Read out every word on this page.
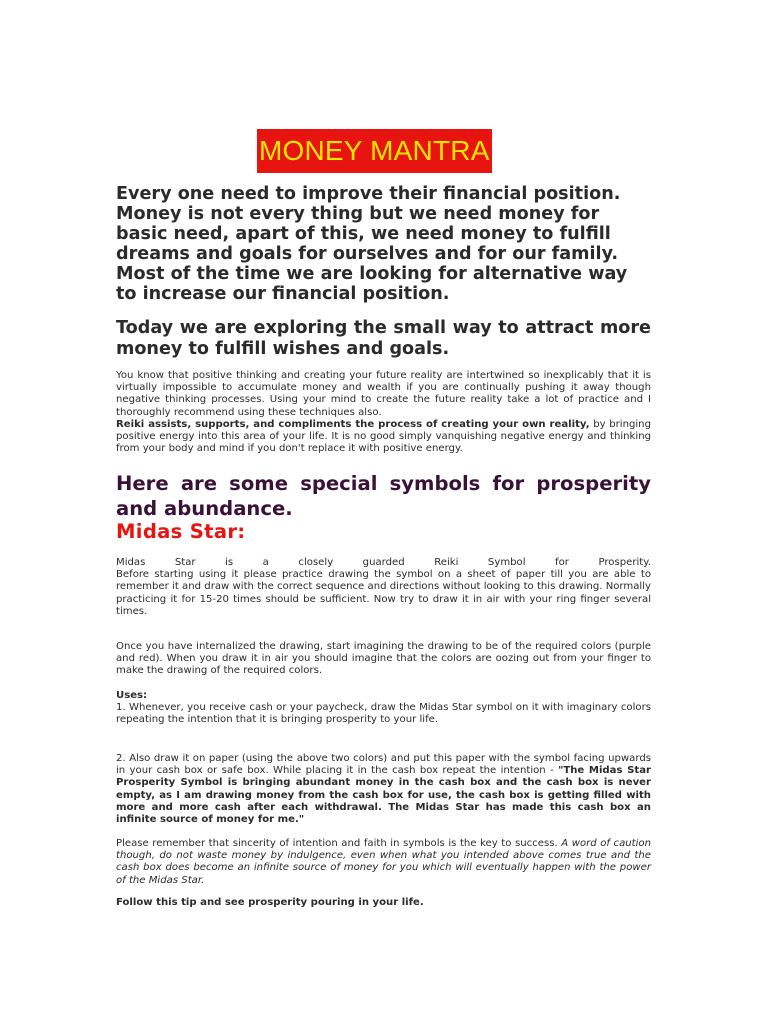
MONEY MANTRA

Every one need to improve their financial position. Money is not every thing but we need money for basic need, apart of this, we need money to fulfill dreams and goals for ourselves and for our family. Most of the time we are looking for alternative way to increase our financial position.

Today we are exploring the small way to attract more money to fulfill wishes and goals.

You know that positive thinking and creating your future reality are intertwined so inexplicably that it is virtually impossible to accumulate money and wealth if you are continually pushing it away though negative thinking processes. Using your mind to create the future reality take a lot of practice and I thoroughly recommend using these techniques also.

Reiki assists, supports, and compliments the process of creating your own reality, by bringing positive energy into this area of your life. It is no good simply vanquishing negative energy and thinking from your body and mind if you don't replace it with positive energy.

Here are some special symbols for prosperity and abundance.

Midas Star:

Midas Star is a closely guarded Reiki Symbol for Prosperity.

Before starting using it please practice drawing the symbol on a sheet of paper till you are able to remember it and draw with the correct sequence and directions without looking to this drawing. Normally practicing it for 15-20 times should be sufficient. Now try to draw it in air with your ring finger several times.

Once you have internalized the drawing, start imagining the drawing to be of the required colors (purple and red). When you draw it in air you should imagine that the colors are oozing out from your finger to make the drawing of the required colors.

Uses:

1. Whenever, you receive cash or your paycheck, draw the Midas Star symbol on it with imaginary colors repeating the intention that it is bringing prosperity to your life.

2. Also draw it on paper (using the above two colors) and put this paper with the symbol facing upwards in your cash box or safe box. While placing it in the cash box repeat the intention - "The Midas Star Prosperity Symbol is bringing abundant money in the cash box and the cash box is never empty, as I am drawing money from the cash box for use, the cash box is getting filled with more and more cash after each withdrawal. The Midas Star has made this cash box an infinite source of money for me."

Please remember that sincerity of intention and faith in symbols is the key to success. A word of caution though, do not waste money by indulgence, even when what you intended above comes true and the cash box does become an infinite source of money for you which will eventually happen with the power of the Midas Star.

Follow this tip and see prosperity pouring in your life.
